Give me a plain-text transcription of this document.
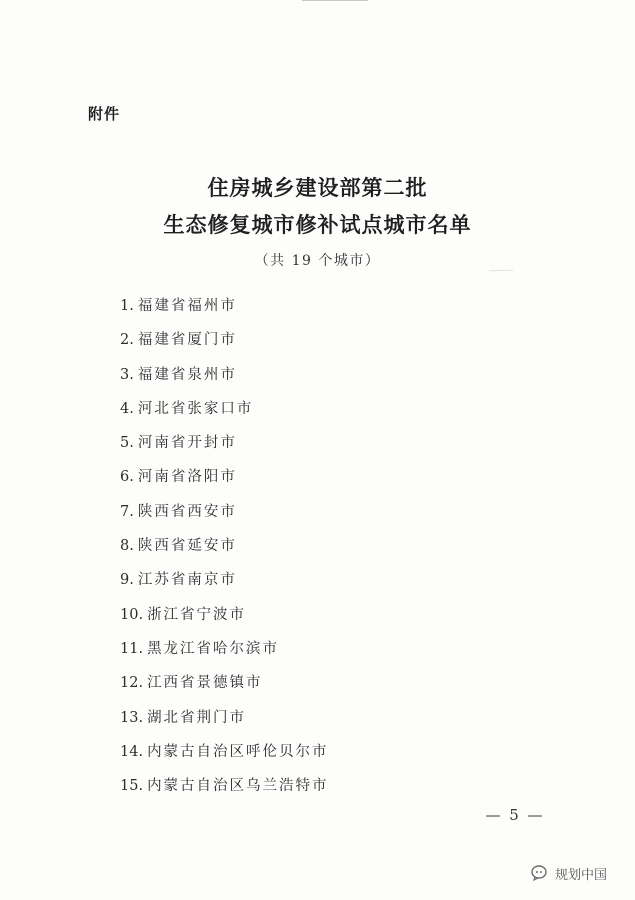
附件
住房城乡建设部第二批
生态修复城市修补试点城市名单
（共 19 个城市）
1. 福建省福州市
2. 福建省厦门市
3. 福建省泉州市
4. 河北省张家口市
5. 河南省开封市
6. 河南省洛阳市
7. 陕西省西安市
8. 陕西省延安市
9. 江苏省南京市
10. 浙江省宁波市
11. 黑龙江省哈尔滨市
12. 江西省景德镇市
13. 湖北省荆门市
14. 内蒙古自治区呼伦贝尔市
15. 内蒙古自治区乌兰浩特市
— 5 —
规划中国
